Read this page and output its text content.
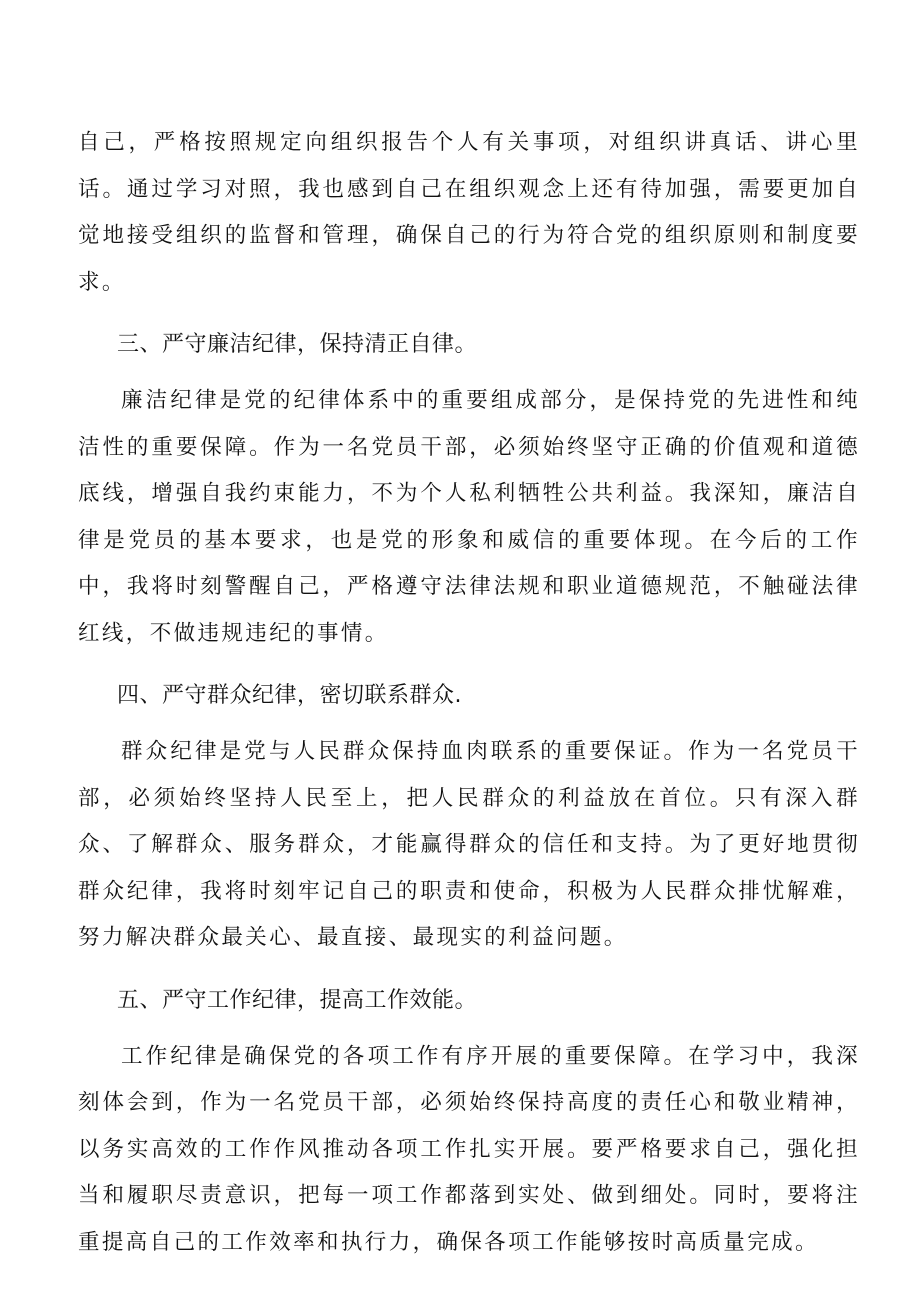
自己，严格按照规定向组织报告个人有关事项，对组织讲真话、讲心里话。通过学习对照，我也感到自己在组织观念上还有待加强，需要更加自觉地接受组织的监督和管理，确保自己的行为符合党的组织原则和制度要求。

三、严守廉洁纪律，保持清正自律。

廉洁纪律是党的纪律体系中的重要组成部分，是保持党的先进性和纯洁性的重要保障。作为一名党员干部，必须始终坚守正确的价值观和道德底线，增强自我约束能力，不为个人私利牺牲公共利益。我深知，廉洁自律是党员的基本要求，也是党的形象和威信的重要体现。在今后的工作中，我将时刻警醒自己，严格遵守法律法规和职业道德规范，不触碰法律红线，不做违规违纪的事情。

四、严守群众纪律，密切联系群众.

群众纪律是党与人民群众保持血肉联系的重要保证。作为一名党员干部，必须始终坚持人民至上，把人民群众的利益放在首位。只有深入群众、了解群众、服务群众，才能赢得群众的信任和支持。为了更好地贯彻群众纪律，我将时刻牢记自己的职责和使命，积极为人民群众排忧解难，努力解决群众最关心、最直接、最现实的利益问题。

五、严守工作纪律，提高工作效能。

工作纪律是确保党的各项工作有序开展的重要保障。在学习中，我深刻体会到，作为一名党员干部，必须始终保持高度的责任心和敬业精神，以务实高效的工作作风推动各项工作扎实开展。要严格要求自己，强化担当和履职尽责意识，把每一项工作都落到实处、做到细处。同时，要将注重提高自己的工作效率和执行力，确保各项工作能够按时高质量完成。
